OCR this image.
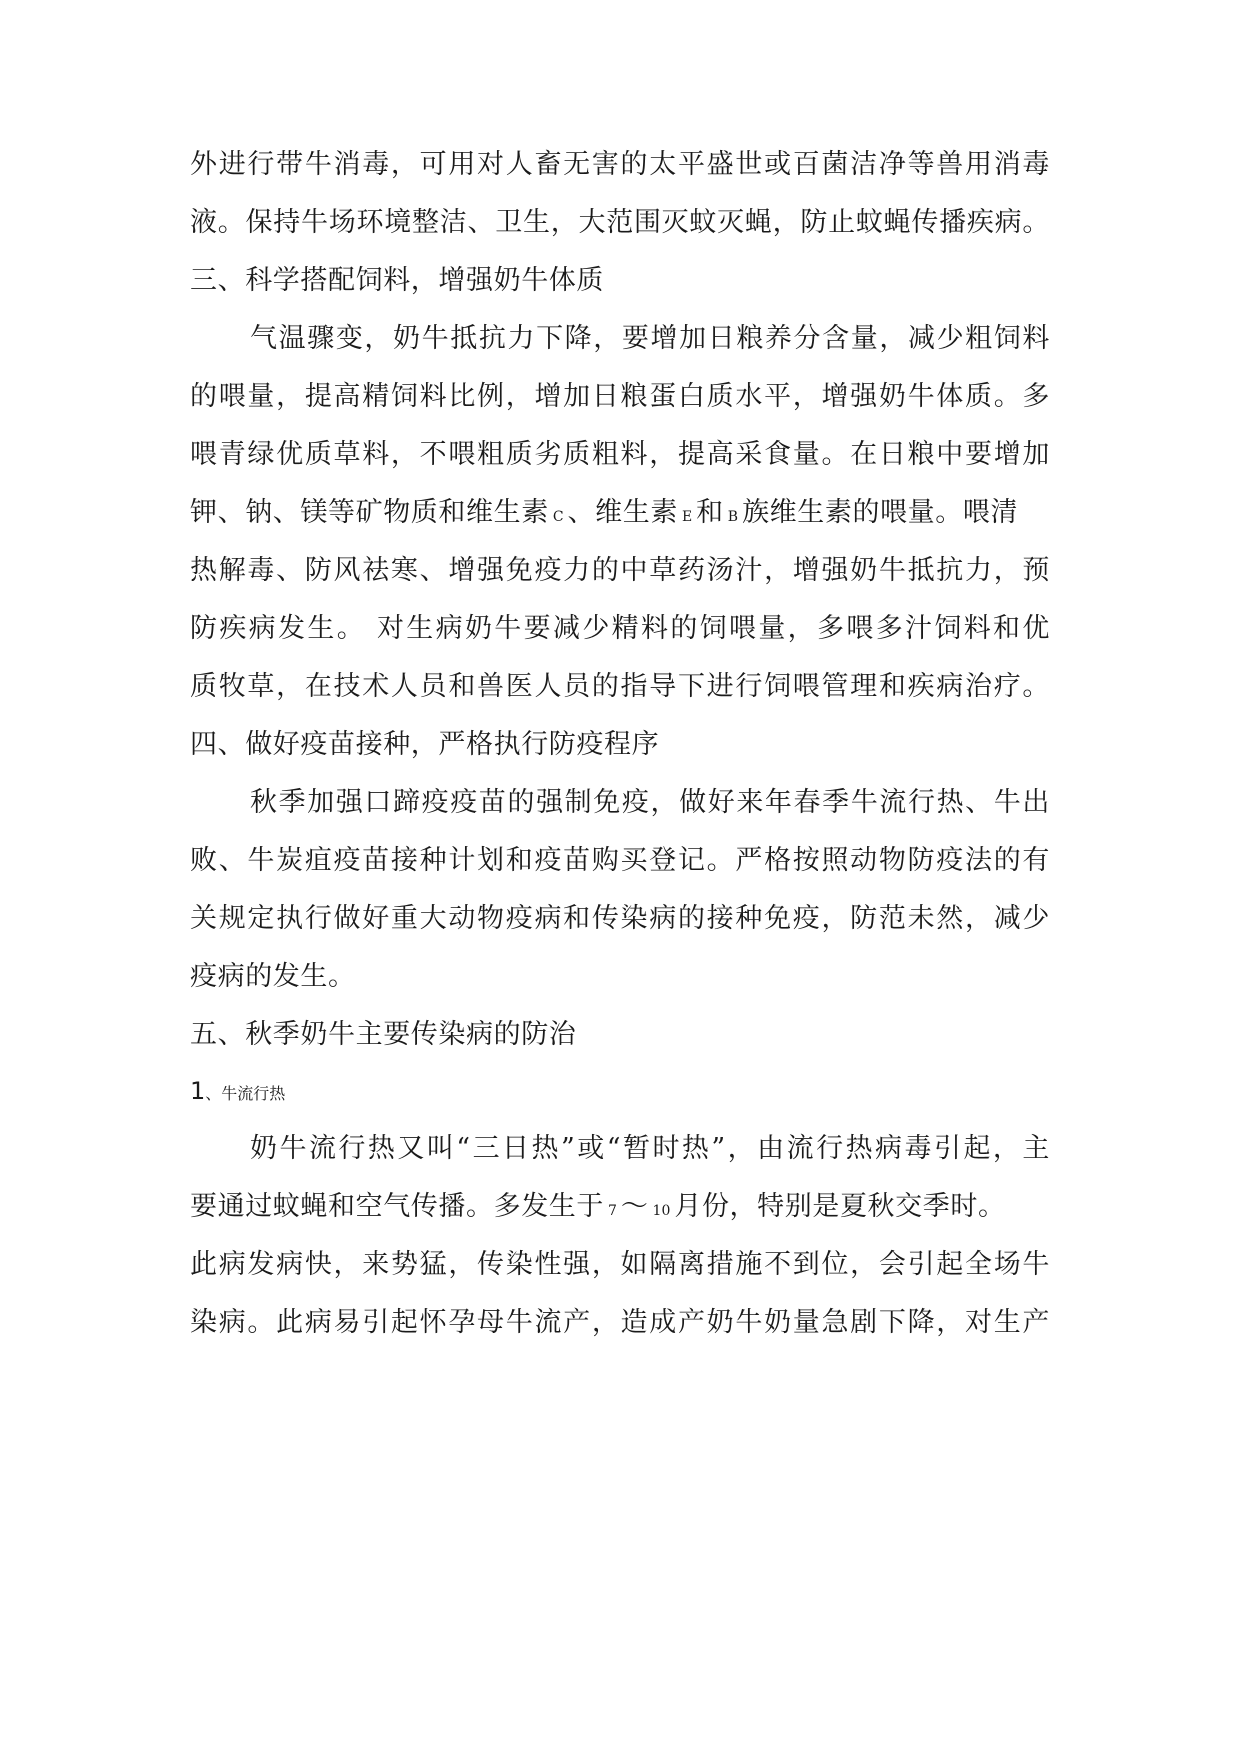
外进行带牛消毒，可用对人畜无害的太平盛世或百菌洁净等兽用消毒
液。保持牛场环境整洁、卫生，大范围灭蚊灭蝇，防止蚊蝇传播疾病。
三、科学搭配饲料，增强奶牛体质
气温骤变，奶牛抵抗力下降，要增加日粮养分含量，减少粗饲料
的喂量，提高精饲料比例，增加日粮蛋白质水平，增强奶牛体质。多
喂青绿优质草料，不喂粗质劣质粗料，提高采食量。在日粮中要增加
钾、钠、镁等矿物质和维生素 C 、维生素 E 和 B 族维生素的喂量。喂清
热解毒、防风祛寒、增强免疫力的中草药汤汁，增强奶牛抵抗力，预
防疾病发生。 对生病奶牛要减少精料的饲喂量，多喂多汁饲料和优
质牧草，在技术人员和兽医人员的指导下进行饲喂管理和疾病治疗。
四、做好疫苗接种，严格执行防疫程序
秋季加强口蹄疫疫苗的强制免疫，做好来年春季牛流行热、牛出
败、牛炭疽疫苗接种计划和疫苗购买登记。严格按照动物防疫法的有
关规定执行做好重大动物疫病和传染病的接种免疫，防范未然，减少
疫病的发生。
五、秋季奶牛主要传染病的防治
1、牛流行热
奶牛流行热又叫“三日热”或“暂时热”，由流行热病毒引起，主
要通过蚊蝇和空气传播。多发生于 7 ～ 10 月份，特别是夏秋交季时。
此病发病快，来势猛，传染性强，如隔离措施不到位，会引起全场牛
染病。此病易引起怀孕母牛流产，造成产奶牛奶量急剧下降，对生产
